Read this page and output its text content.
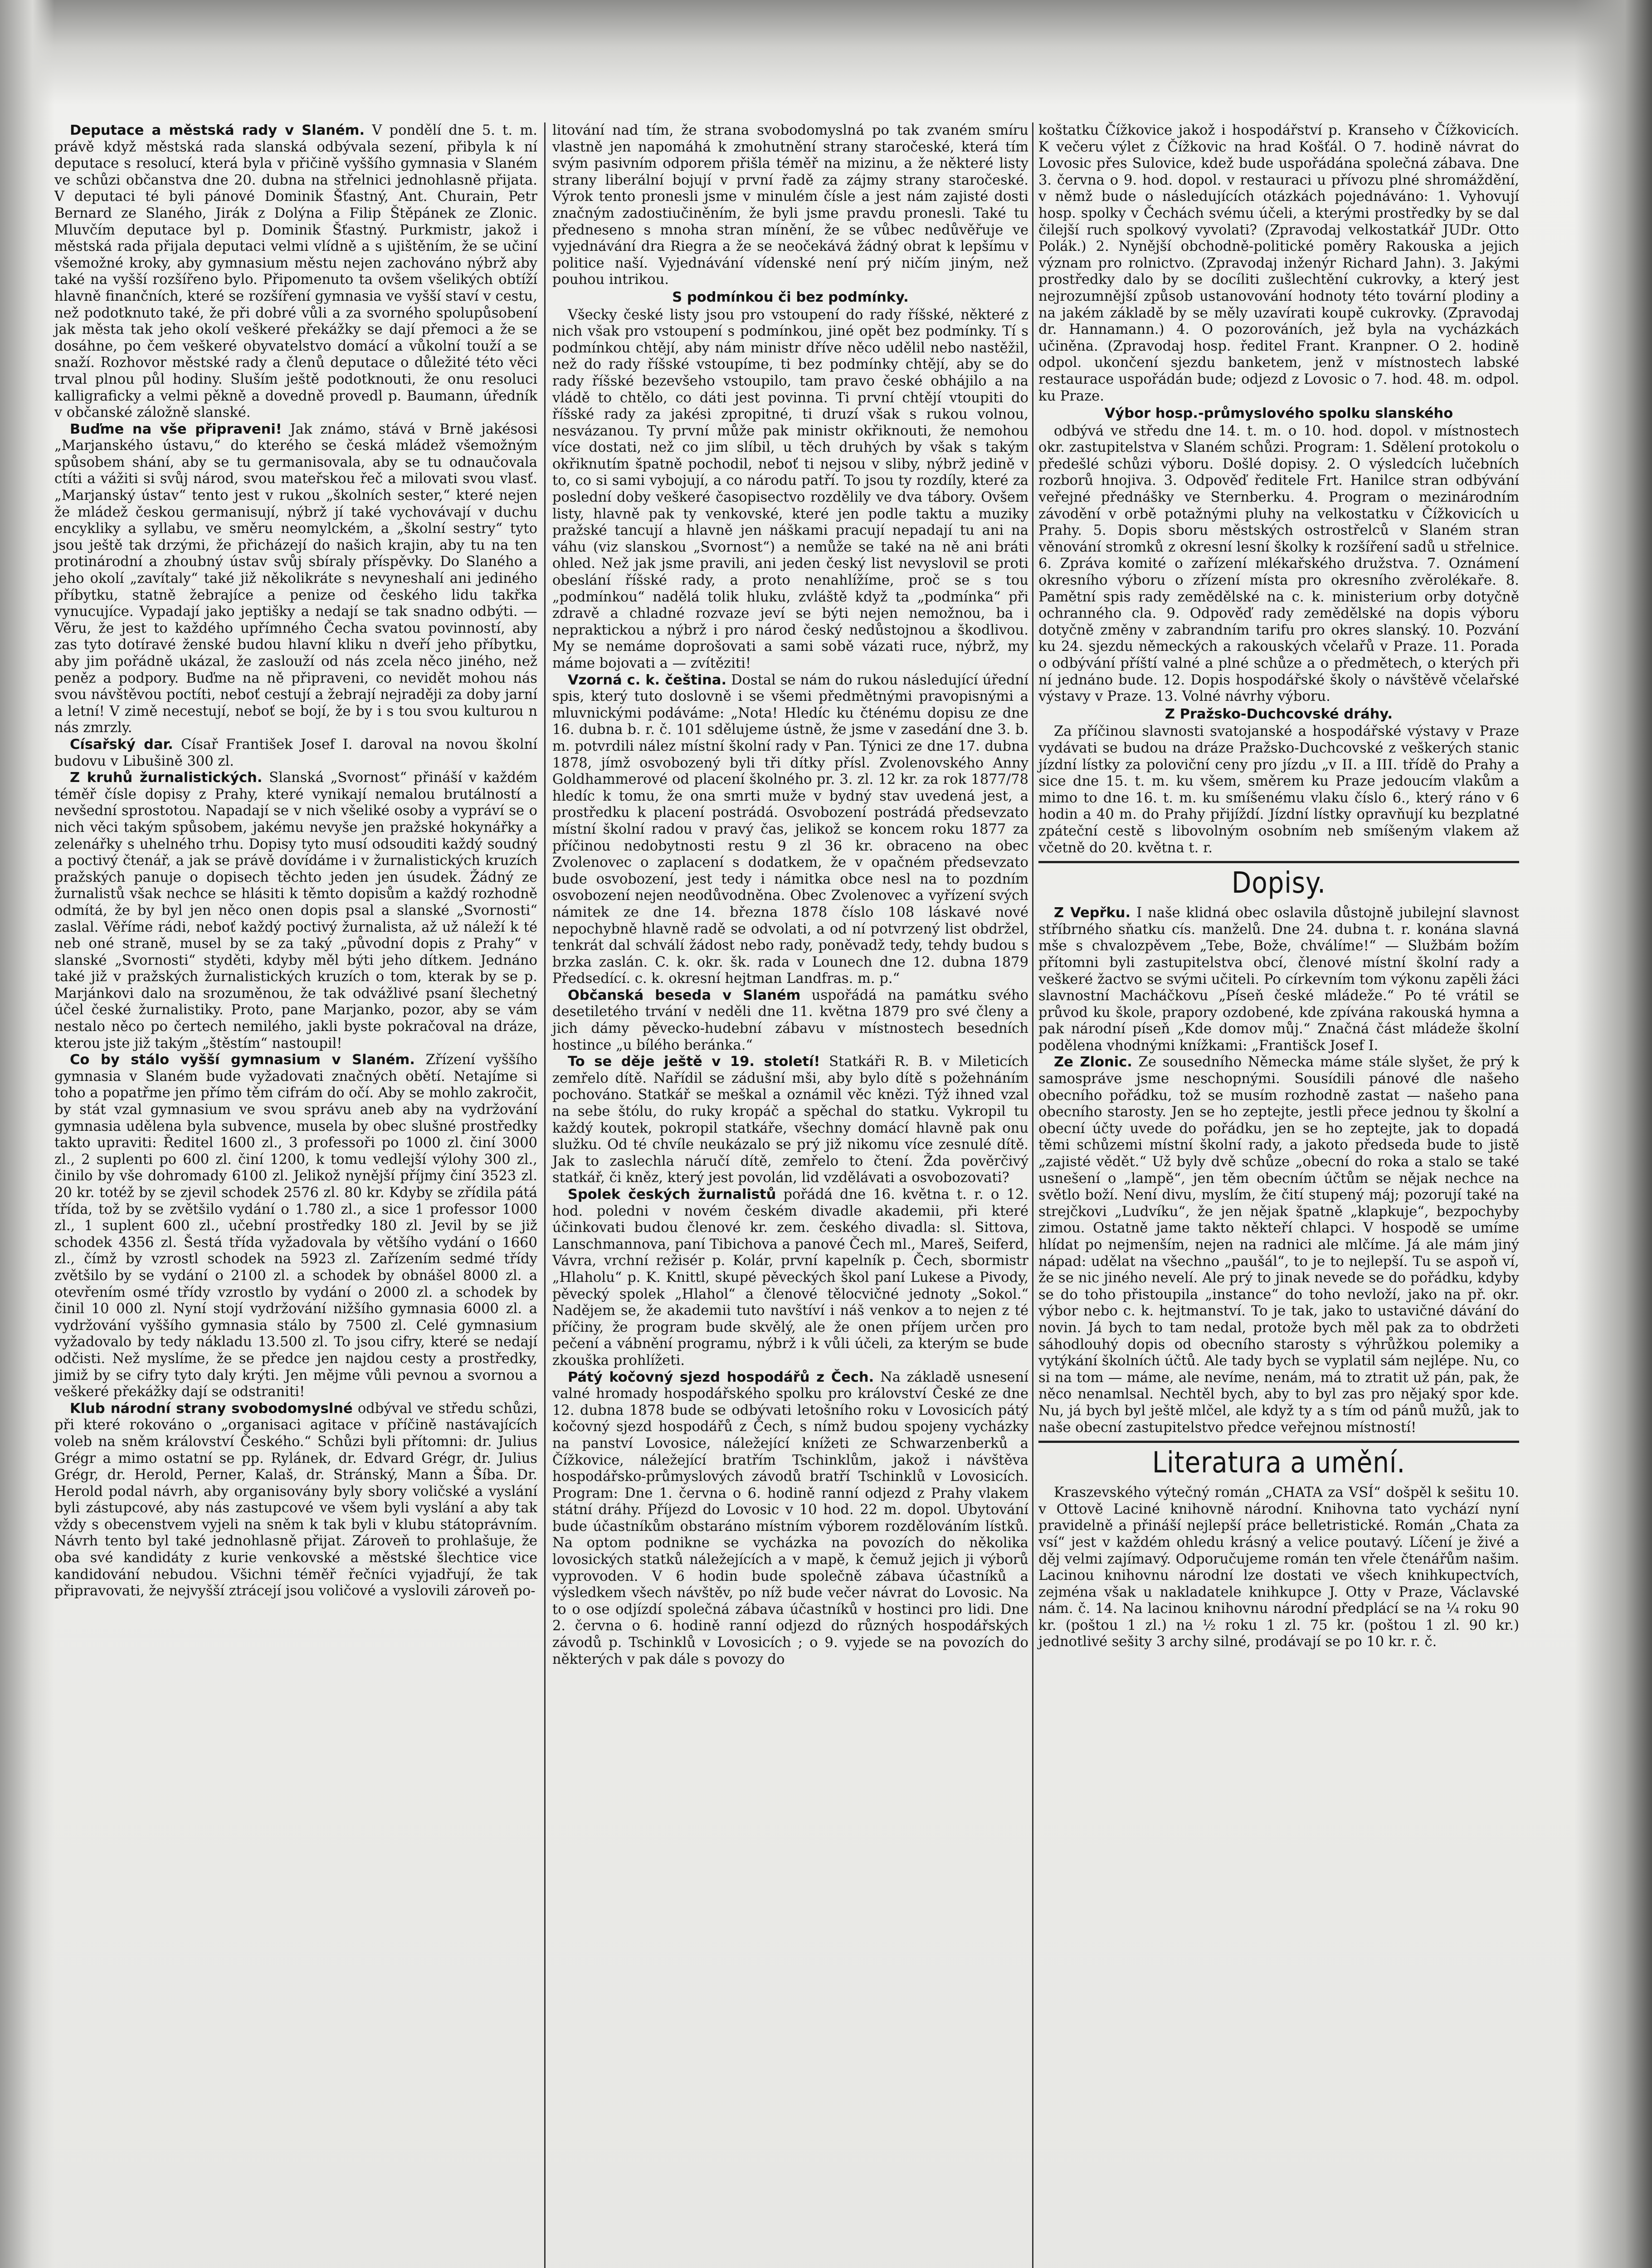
Deputace a městská rady v Slaném. V pondělí dne 5. t. m. právě když městská rada slanská odbývala sezení, přibyla k ní deputace s resolucí, která byla v přičině vyššího gymnasia v Slaném ve schůzi občanstva dne 20. dubna na střelnici jednohlasně přijata. V deputaci té byli pánové Dominik Šťastný, Ant. Churain, Petr Bernard ze Slaného, Jirák z Dolýna a Filip Štěpánek ze Zlonic. Mluvčím deputace byl p. Dominik Šťastný. Purkmistr, jakož i městská rada přijala deputaci velmi vlídně a s ujištěním, že se učiní všemožné kroky, aby gymnasium městu nejen zachováno nýbrž aby také na vyšší rozšířeno bylo. Připomenuto ta ovšem všelikých obtíží hlavně finančních, které se rozšíření gymnasia ve vyšší staví v cestu, než podotknuto také, že při dobré vůli a za svorného spolupůsobení jak města tak jeho okolí veškeré překážky se dají přemoci a že se dosáhne, po čem veškeré obyvatelstvo domácí a vůkolní touží a se snaží. Rozhovor městské rady a členů deputace o důležité této věci trval plnou půl hodiny. Sluším ještě podotknouti, že onu resoluci kalligraficky a velmi pěkně a dovedně provedl p. Baumann, úředník v občanské záložně slanské.

Buďme na vše připraveni! Jak známo, stává v Brně jakésosi „Marjanského ústavu,“ do kterého se česká mládež všemožným spůsobem shání, aby se tu germanisovala, aby se tu odnaučovala ctíti a vážiti si svůj národ, svou mateřskou řeč a milovati svou vlasť. „Marjanský ústav“ tento jest v rukou „školních sester,“ které nejen že mládež českou germanisují, nýbrž jí také vychovávají v duchu encykliky a syllabu, ve směru neomylckém, a „školní sestry“ tyto jsou ještě tak drzými, že přicházejí do našich krajin, aby tu na ten protinárodní a zhoubný ústav svůj sbíraly příspěvky. Do Slaného a jeho okolí „zavítaly“ také již několikráte s nevyneshalí ani jediného příbytku, statně žebrajíce a penize od českého lidu takřka vynucujíce. Vypadají jako jeptišky a nedají se tak snadno odbýti. — Věru, že jest to každého upřímného Čecha svatou povinností, aby zas tyto dotíravé ženské budou hlavní kliku n dveří jeho příbytku, aby jim pořádně ukázal, že zaslouží od nás zcela něco jiného, než peněz a podpory. Buďme na ně připraveni, co nevidět mohou nás svou návštěvou poctíti, neboť cestují a žebrají nejraději za doby jarní a letní! V zimě necestují, neboť se bojí, že by i s tou svou kulturou n nás zmrzly.

Císařský dar. Císař František Josef I. daroval na novou školní budovu v Libušině 300 zl.

Z kruhů žurnalistických. Slanská „Svornost“ přináší v každém téměř čísle dopisy z Prahy, které vynikají nemalou brutálností a nevšední sprostotou. Napadají se v nich všeliké osoby a vypráví se o nich věci takým spůsobem, jakému nevyše jen pražské hokynářky a zelenářky s uhelného trhu. Dopisy tyto musí odsouditi každý soudný a poctivý čtenář, a jak se právě dovídáme i v žurnalistických kruzích pražských panuje o dopisech těchto jeden jen úsudek. Žádný ze žurnalistů však nechce se hlásiti k těmto dopisům a každý rozhodně odmítá, že by byl jen něco onen dopis psal a slanské „Svornosti“ zaslal. Věříme rádi, neboť každý poctivý žurnalista, až už náleží k té neb oné straně, musel by se za taký „původní dopis z Prahy“ v slanské „Svornosti“ styděti, kdyby měl býti jeho dítkem. Jednáno také již v pražských žurnalistických kruzích o tom, kterak by se p. Marjánkovi dalo na srozuměnou, že tak odvážlivé psaní šlechetný účel české žurnalistiky. Proto, pane Marjanko, pozor, aby se vám nestalo něco po čertech nemilého, jakli byste pokračoval na dráze, kterou jste již takým „štěstím“ nastoupil!

Co by stálo vyšší gymnasium v Slaném. Zřízení vyššího gymnasia v Slaném bude vyžadovati značných obětí. Netajíme si toho a popatřme jen přímo těm cifrám do očí. Aby se mohlo zakročit, by stát vzal gymnasium ve svou správu aneb aby na vydržování gymnasia udělena byla subvence, musela by obec slušné prostředky takto upraviti: Ředitel 1600 zl., 3 professoři po 1000 zl. činí 3000 zl., 2 suplenti po 600 zl. činí 1200, k tomu vedlejší výlohy 300 zl., činilo by vše dohromady 6100 zl. Jelikož nynější příjmy činí 3523 zl. 20 kr. totéž by se zjevil schodek 2576 zl. 80 kr. Kdyby se zřídila pátá třída, tož by se zvětšilo vydání o 1.780 zl., a sice 1 professor 1000 zl., 1 suplent 600 zl., učební prostředky 180 zl. Jevil by se již schodek 4356 zl. Šestá třída vyžadovala by většího vydání o 1660 zl., čímž by vzrostl schodek na 5923 zl. Zařízením sedmé třídy zvětšilo by se vydání o 2100 zl. a schodek by obnášel 8000 zl. a otevřením osmé třídy vzrostlo by vydání o 2000 zl. a schodek by činil 10 000 zl. Nyní stojí vydržování nižšího gymnasia 6000 zl. a vydržování vyššího gymnasia stálo by 7500 zl. Celé gymnasium vyžadovalo by tedy nákladu 13.500 zl. To jsou cifry, které se nedají odčisti. Než myslíme, že se předce jen najdou cesty a prostředky, jimiž by se cifry tyto daly krýti. Jen mějme vůli pevnou a svornou a veškeré překážky dají se odstraniti!

Klub národní strany svobodomyslné odbýval ve středu schůzi, při které rokováno o „organisaci agitace v příčině nastávajících voleb na sněm království Českého.“ Schůzi byli přítomni: dr. Julius Grégr a mimo ostatní se pp. Rylánek, dr. Edvard Grégr, dr. Julius Grégr, dr. Herold, Perner, Kalaš, dr. Stránský, Mann a Šíba. Dr. Herold podal návrh, aby organisovány byly sbory voličské a vyslání byli zástupcové, aby nás zastupcové ve všem byli vyslání a aby tak vždy s obecenstvem vyjeli na sněm k tak byli v klubu státoprávním. Návrh tento byl také jednohlasně přijat. Zároveň to prohlašuje, že oba své kandidáty z kurie venkovské a městské šlechtice vice kandidování nebudou. Všichni téměř řečníci vyjadřují, že tak připravovati, že nejvyšší ztrácejí jsou voličové a vyslovili zároveň po-

litování nad tím, že strana svobodomyslná po tak zvaném smíru vlastně jen napomáhá k zmohutnění strany staročeské, která tím svým pasivním odporem přišla téměř na mizinu, a že některé listy strany liberální bojují v první řadě za zájmy strany staročeské. Výrok tento pronesli jsme v minulém čísle a jest nám zajisté dosti značným zadostiučiněním, že byli jsme pravdu pronesli. Také tu předneseno s mnoha stran mínění, že se vůbec nedůvěřuje ve vyjednávání dra Riegra a že se neočekává žádný obrat k lepšímu v politice naší. Vyjednávání vídenské není prý ničím jiným, než pouhou intrikou.

S podmínkou či bez podmínky.

Všecky české listy jsou pro vstoupení do rady říšské, některé z nich však pro vstoupení s podmínkou, jiné opět bez podmínky. Tí s podmínkou chtějí, aby nám ministr dříve něco udělil nebo nastěžil, než do rady říšské vstoupíme, ti bez podmínky chtějí, aby se do rady říšské bezevšeho vstoupilo, tam pravo české obhájilo a na vládě to chtělo, co dáti jest povinna. Ti první chtějí vtoupiti do říšské rady za jakési zpropitné, ti druzí však s rukou volnou, nesvázanou. Ty první může pak ministr okřiknouti, že nemohou více dostati, než co jim slíbil, u těch druhých by však s takým okřiknutím špatně pochodil, neboť ti nejsou v sliby, nýbrž jedině v to, co si sami vybojují, a co národu patří. To jsou ty rozdíly, které za poslední doby veškeré časopisectvo rozdělily ve dva tábory. Ovšem listy, hlavně pak ty venkovské, které jen podle taktu a muziky pražské tancují a hlavně jen náškami pracují nepadají tu ani na váhu (viz slanskou „Svornost“) a nemůže se také na ně ani bráti ohled. Než jak jsme pravili, ani jeden český list nevyslovil se proti obeslání říšské rady, a proto nenahlížíme, proč se s tou „podmínkou“ nadělá tolik hluku, zvláště když ta „podmínka“ při zdravě a chladné rozvaze jeví se býti nejen nemožnou, ba i nepraktickou a nýbrž i pro národ český nedůstojnou a škodlivou. My se nemáme doprošovati a sami sobě vázati ruce, nýbrž, my máme bojovati a — zvítěziti!

Vzorná c. k. čeština. Dostal se nám do rukou následující úřední spis, který tuto doslovně i se všemi předmětnými pravopisnými a mluvnickými podáváme: „Nota! Hledíc ku čténému dopisu ze dne 16. dubna b. r. č. 101 sdělujeme ústně, že jsme v zasedání dne 3. b. m. potvrdili nález místní školní rady v Pan. Týnici ze dne 17. dubna 1878, jímž osvobozený byli tři dítky přísl. Zvolenovského Anny Goldhammerové od placení školného pr. 3. zl. 12 kr. za rok 1877/78 hledíc k tomu, že ona smrti muže v bydný stav uvedená jest, a prostředku k placení postrádá. Osvobození postrádá předsevzato místní školní radou v pravý čas, jelikož se koncem roku 1877 za příčinou nedobytnosti restu 9 zl 36 kr. obraceno na obec Zvolenovec o zaplacení s dodatkem, že v opačném předsevzato bude osvobození, jest tedy i námitka obce nesl na to pozdním osvobození nejen neodůvodněna. Obec Zvolenovec a vyřízení svých námitek ze dne 14. března 1878 číslo 108 láskavé nové nepochybně hlavně radě se odvolati, a od ní potvrzený list obdržel, tenkrát dal schválí žádost nebo rady, poněvadž tedy, tehdy budou s brzka zaslán. C. k. okr. šk. rada v Lounech dne 12. dubna 1879 Předsedící. c. k. okresní hejtman Landfras. m. p.“

Občanská beseda v Slaném uspořádá na památku svého desetiletého trvání v neděli dne 11. května 1879 pro své členy a jich dámy pěvecko-hudební zábavu v místnostech besedních hostince „u bílého beránka.“

To se děje ještě v 19. století! Statkáři R. B. v Mileticích zemřelo dítě. Nařídil se zádušní mši, aby bylo dítě s požehnáním pochováno. Statkář se meškal a oznámil věc knězi. Týž ihned vzal na sebe štólu, do ruky kropáč a spěchal do statku. Vykropil tu každý koutek, pokropil statkáře, všechny domácí hlavně pak onu služku. Od té chvíle neukázalo se prý již nikomu více zesnulé dítě. Jak to zaslechla náručí dítě, zemřelo to čtení. Žda pověrčivý statkář, či kněz, který jest povolán, lid vzdělávati a osvobozovati?

Spolek českých žurnalistů pořádá dne 16. května t. r. o 12. hod. poledni v novém českém divadle akademii, při které účinkovati budou členové kr. zem. českého divadla: sl. Sittova, Lanschmannova, paní Tibichova a panové Čech ml., Mareš, Seiferd, Vávra, vrchní režisér p. Kolár, první kapelník p. Čech, sbormistr „Hlaholu“ p. K. Knittl, skupé pěveckých škol paní Lukese a Pivody, pěvecký spolek „Hlahol“ a členové tělocvičné jednoty „Sokol.“ Nadějem se, že akademii tuto navštíví i náš venkov a to nejen z té příčiny, že program bude skvělý, ale že onen příjem určen pro pečení a vábnění programu, nýbrž i k vůli účeli, za kterým se bude zkouška prohlížeti.

Pátý kočovný sjezd hospodářů z Čech. Na základě usnesení valné hromady hospodářského spolku pro království České ze dne 12. dubna 1878 bude se odbývati letošního roku v Lovosicích pátý kočovný sjezd hospodářů z Čech, s nímž budou spojeny vycházky na panství Lovosice, náležející knížeti ze Schwarzenberků a Čížkovice, náležející bratřím Tschinklům, jakož i návštěva hospodářsko-průmyslových závodů bratří Tschinklů v Lovosicích. Program: Dne 1. června o 6. hodině ranní odjezd z Prahy vlakem státní dráhy. Příjezd do Lovosic v 10 hod. 22 m. dopol. Ubytování bude účastníkům obstaráno místním výborem rozdělováním lístků. Na optom podnikne se vycházka na povozích do několika lovosických statků náležejících a v mapě, k čemuž jejich ji výborů vyprovoden. V 6 hodin bude společně zábava účastníků a výsledkem všech návštěv, po níž bude večer návrat do Lovosic. Na to o ose odjízdí společná zábava účastníků v hostinci pro lidi. Dne 2. června o 6. hodině ranní odjezd do různých hospodářských závodů p. Tschinklů v Lovosicích ; o 9. vyjede se na povozích do některých v pak dále s povozy do

koštatku Čížkovice jakož i hospodářství p. Kranseho v Čížkovicích. K večeru výlet z Čížkovic na hrad Košťál. O 7. hodině návrat do Lovosic přes Sulovice, kdež bude uspořádána společná zábava. Dne 3. června o 9. hod. dopol. v restauraci u přívozu plné shromáždění, v němž bude o následujících otázkách pojednáváno: 1. Vyhovují hosp. spolky v Čechách svému účeli, a kterými prostředky by se dal čilejší ruch spolkový vyvolati? (Zpravodaj velkostatkář JUDr. Otto Polák.) 2. Nynější obchodně-politické poměry Rakouska a jejich význam pro rolnictvo. (Zpravodaj inženýr Richard Jahn). 3. Jakými prostředky dalo by se docíliti zušlechtění cukrovky, a který jest nejrozumnější způsob ustanovování hodnoty této tovární plodiny a na jakém základě by se měly uzavírati koupě cukrovky. (Zpravodaj dr. Hannamann.) 4. O pozorováních, jež byla na vycházkách učiněna. (Zpravodaj hosp. ředitel Frant. Kranpner. O 2. hodině odpol. ukončení sjezdu banketem, jenž v místnostech labské restaurace uspořádán bude; odjezd z Lovosic o 7. hod. 48. m. odpol. ku Praze.

Výbor hosp.-průmyslového spolku slanského

odbývá ve středu dne 14. t. m. o 10. hod. dopol. v místnostech okr. zastupitelstva v Slaném schůzi. Program: 1. Sdělení protokolu o předešlé schůzi výboru. Došlé dopisy. 2. O výsledcích lučebních rozborů hnojiva. 3. Odpověď ředitele Frt. Hanilce stran odbývání veřejné přednášky ve Sternberku. 4. Program o mezinárodním závodění v orbě potažnými pluhy na velkostatku v Čížkovicích u Prahy. 5. Dopis sboru městských ostrostřelců v Slaném stran věnování stromků z okresní lesní školky k rozšíření sadů u střelnice. 6. Zpráva komité o zařízení mlékařského družstva. 7. Oznámení okresního výboru o zřízení místa pro okresního zvěrolékaře. 8. Pamětní spis rady zemědělské na c. k. ministerium orby dotyčně ochranného cla. 9. Odpověď rady zemědělské na dopis výboru dotyčně změny v zabrandním tarifu pro okres slanský. 10. Pozvání ku 24. sjezdu německých a rakouských včelařů v Praze. 11. Porada o odbývání příští valné a plné schůze a o předmětech, o kterých při ní jednáno bude. 12. Dopis hospodářské školy o návštěvě včelařské výstavy v Praze. 13. Volné návrhy výboru.

Z Pražsko-Duchcovské dráhy.

Za příčinou slavnosti svatojanské a hospodářské výstavy v Praze vydávati se budou na dráze Pražsko-Duchcovské z veškerých stanic jízdní lístky za poloviční ceny pro jízdu „v II. a III. třídě do Prahy a sice dne 15. t. m. ku všem, směrem ku Praze jedoucím vlakům a mimo to dne 16. t. m. ku smíšenému vlaku číslo 6., který ráno v 6 hodin a 40 m. do Prahy přijíždí. Jízdní lístky opravňují ku bezplatné zpáteční cestě s libovolným osobním neb smíšeným vlakem až včetně do 20. května t. r.

Dopisy.

Z Vepřku. I naše klidná obec oslavila důstojně jubilejní slavnost stříbrného sňatku cís. manželů. Dne 24. dubna t. r. konána slavná mše s chvalozpěvem „Tebe, Bože, chválíme!“ — Službám božím přítomni byli zastupitelstva obcí, členové místní školní rady a veškeré žactvo se svými učiteli. Po církevním tom výkonu zapěli žáci slavnostní Macháčkovu „Píseň české mládeže.“ Po té vrátil se průvod ku škole, prapory ozdobené, kde zpívána rakouská hymna a pak národní píseň „Kde domov můj.“ Značná část mládeže školní podělena vhodnými knížkami: „Františck Josef I.

Ze Zlonic. Ze sousedního Německa máme stále slyšet, že prý k samospráve jsme neschopnými. Sousídili pánové dle našeho obecního pořádku, tož se musím rozhodně zastat — našeho pana obecního starosty. Jen se ho zeptejte, jestli přece jednou ty školní a obecní účty uvede do pořádku, jen se ho zeptejte, jak to dopadá těmi schůzemi místní školní rady, a jakoto předseda bude to jistě „zajisté vědět.“ Už byly dvě schůze „obecní do roka a stalo se také usnešení o „lampě“, jen těm obecním účtům se nějak nechce na světlo boží. Není divu, myslím, že čití stupený máj; pozorují také na strejčkovi „Ludvíku“, že jen nějak špatně „klapkuje“, bezpochyby zimou. Ostatně jame takto někteří chlapci. V hospodě se umíme hlídat po nejmenším, nejen na radnici ale mlčíme. Já ale mám jiný nápad: udělat na všechno „paušál“, to je to nejlepší. Tu se aspoň ví, že se nic jiného nevelí. Ale prý to jinak nevede se do pořádku, kdyby se do toho přistoupila „instance“ do toho nevloží, jako na př. okr. výbor nebo c. k. hejtmanství. To je tak, jako to ustavičné dávání do novin. Já bych to tam nedal, protože bych měl pak za to obdržeti sáhodlouhý dopis od obecního starosty s výhrůžkou polemiky a vytýkání školních účtů. Ale tady bych se vyplatil sám nejlépe. Nu, co si na tom — máme, ale nevíme, nenám, má to ztratit už pán, pak, že něco nenamlsal. Nechtěl bych, aby to byl zas pro nějaký spor kde. Nu, já bych byl ještě mlčel, ale když ty a s tím od pánů mužů, jak to naše obecní zastupitelstvo předce veřejnou místností!

Literatura a umění.

Kraszevského výtečný román „CHATA za VSÍ“ došpěl k sešitu 10. v Ottově Laciné knihovně národní. Knihovna tato vychází nyní pravidelně a přináší nejlepší práce belletristické. Román „Chata za vsí“ jest v každém ohledu krásný a velice poutavý. Líčení je živé a děj velmi zajímavý. Odporučujeme román ten vřele čtenářům našim. Lacinou knihovnu národní lze dostati ve všech knihkupectvích, zejména však u nakladatele knihkupce J. Otty v Praze, Václavské nám. č. 14. Na lacinou knihovnu národní předplácí se na ¼ roku 90 kr. (poštou 1 zl.) na ½ roku 1 zl. 75 kr. (poštou 1 zl. 90 kr.) jednotlivé sešity 3 archy silné, prodávají se po 10 kr. r. č.
